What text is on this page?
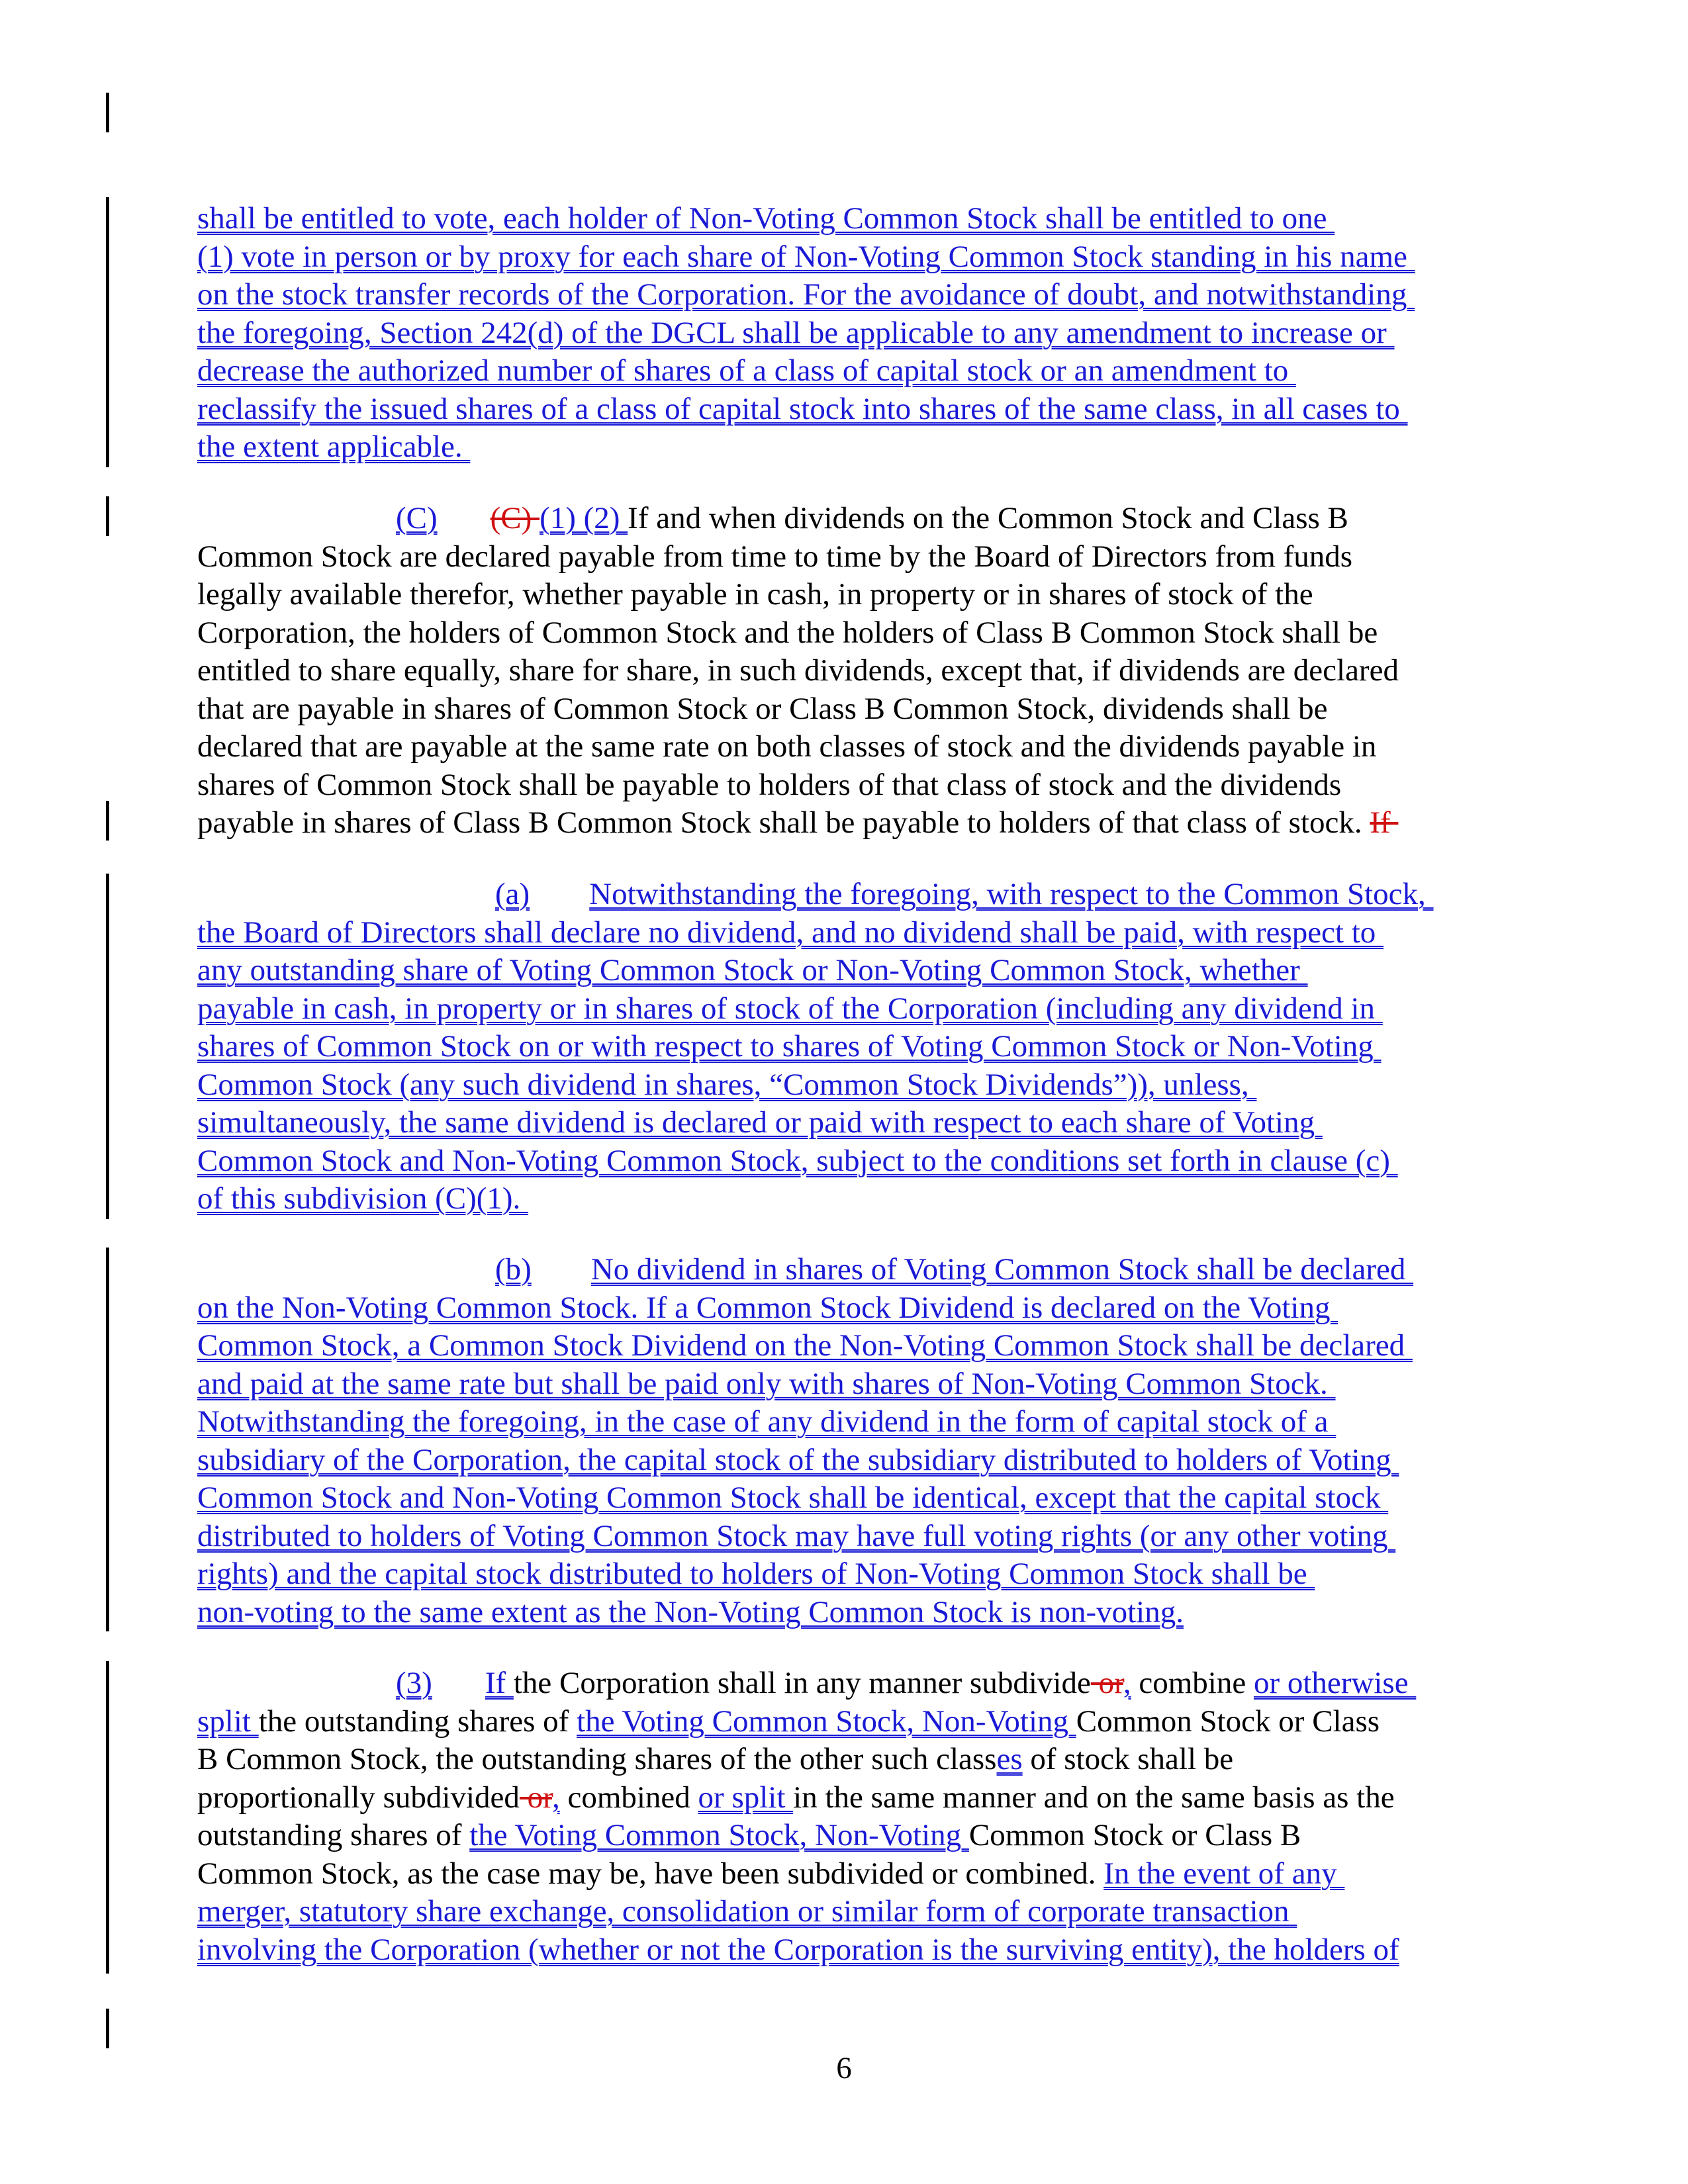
shall be entitled to vote, each holder of Non-Voting Common Stock shall be entitled to one
(1) vote in person or by proxy for each share of Non-Voting Common Stock standing in his name
on the stock transfer records of the Corporation. For the avoidance of doubt, and notwithstanding
the foregoing, Section 242(d) of the DGCL shall be applicable to any amendment to increase or
decrease the authorized number of shares of a class of capital stock or an amendment to
reclassify the issued shares of a class of capital stock into shares of the same class, in all cases to
the extent applicable.
(C) (C) (1) (2) If and when dividends on the Common Stock and Class B
Common Stock are declared payable from time to time by the Board of Directors from funds
legally available therefor, whether payable in cash, in property or in shares of stock of the
Corporation, the holders of Common Stock and the holders of Class B Common Stock shall be
entitled to share equally, share for share, in such dividends, except that, if dividends are declared
that are payable in shares of Common Stock or Class B Common Stock, dividends shall be
declared that are payable at the same rate on both classes of stock and the dividends payable in
shares of Common Stock shall be payable to holders of that class of stock and the dividends
payable in shares of Class B Common Stock shall be payable to holders of that class of stock. If
(a) Notwithstanding the foregoing, with respect to the Common Stock,
the Board of Directors shall declare no dividend, and no dividend shall be paid, with respect to
any outstanding share of Voting Common Stock or Non-Voting Common Stock, whether
payable in cash, in property or in shares of stock of the Corporation (including any dividend in
shares of Common Stock on or with respect to shares of Voting Common Stock or Non-Voting
Common Stock (any such dividend in shares, “Common Stock Dividends”)), unless,
simultaneously, the same dividend is declared or paid with respect to each share of Voting
Common Stock and Non-Voting Common Stock, subject to the conditions set forth in clause (c)
of this subdivision (C)(1).
(b) No dividend in shares of Voting Common Stock shall be declared
on the Non-Voting Common Stock. If a Common Stock Dividend is declared on the Voting
Common Stock, a Common Stock Dividend on the Non-Voting Common Stock shall be declared
and paid at the same rate but shall be paid only with shares of Non-Voting Common Stock.
Notwithstanding the foregoing, in the case of any dividend in the form of capital stock of a
subsidiary of the Corporation, the capital stock of the subsidiary distributed to holders of Voting
Common Stock and Non-Voting Common Stock shall be identical, except that the capital stock
distributed to holders of Voting Common Stock may have full voting rights (or any other voting
rights) and the capital stock distributed to holders of Non-Voting Common Stock shall be
non-voting to the same extent as the Non-Voting Common Stock is non-voting.
(3) If the Corporation shall in any manner subdivide or, combine or otherwise
split the outstanding shares of the Voting Common Stock, Non-Voting Common Stock or Class
B Common Stock, the outstanding shares of the other such classes of stock shall be
proportionally subdivided or, combined or split in the same manner and on the same basis as the
outstanding shares of the Voting Common Stock, Non-Voting Common Stock or Class B
Common Stock, as the case may be, have been subdivided or combined. In the event of any
merger, statutory share exchange, consolidation or similar form of corporate transaction
involving the Corporation (whether or not the Corporation is the surviving entity), the holders of
6
